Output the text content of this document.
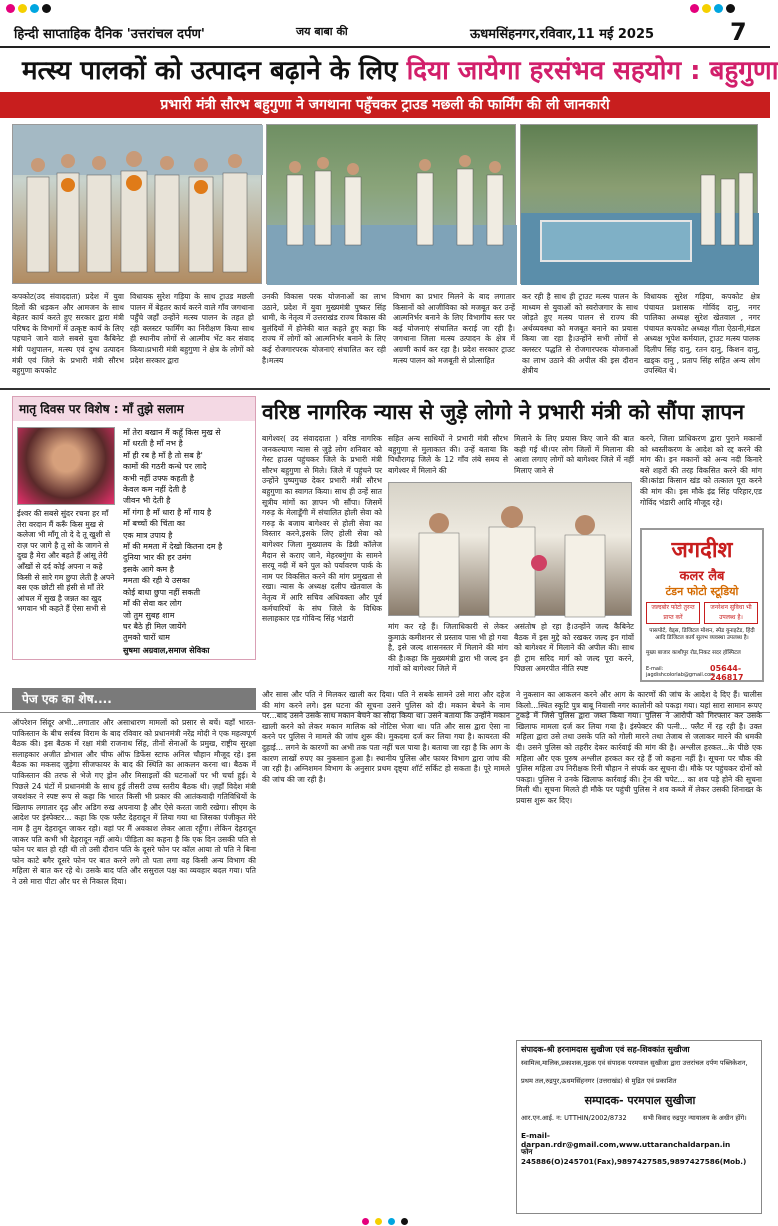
हिन्दी साप्ताहिक दैनिक 'उत्तरांचल दर्पण'	जय बाबा की	ऊधमसिंहनगर,रविवार,11 मई 2025	7
मत्स्य पालकों को उत्पादन बढ़ाने के लिए दिया जायेगा हरसंभव सहयोग : बहुगुणा
प्रभारी मंत्री सौरभ बहुगुणा ने जगथाना पहुँचकर ट्राउड मछली की फार्मिंग की ली जानकारी
कपकोट(उद संवाददाता) प्रदेश में युवा दिलों की धड़कन और आमजन के साथ बेहतर कार्य करते हुए सरकार द्वारा मंत्री परिषद के विभागों में उत्कृष्ट कार्य के लिए पहचाने जाने वाले सबसे युवा कैबिनेट मंत्री पशुपालन, मत्स्य एवं दुग्ध उत्पादन मंत्री एवं जिले के प्रभारी मंत्री सौरभ बहुगुणा कपकोट
विधायक सुरेश गड़िया के साथ ट्राउड मछली पालन में बेहतर कार्य करने वाले गाँव जगथाना पहुँचे जहाँ उन्होंने मत्स्य पालन के तहत हो रही क्लस्टर फार्मिंग का निरीक्षण किया साथ ही स्थानीय लोगों से आत्मीय भेंट कर संवाद किया।प्रभारी मंत्री बहुगुणा ने क्षेत्र के लोगों को प्रदेश सरकार द्वारा
उनकी विकास परक योजनाओं का लाभ उठाने, प्रदेश में युवा मुख्यमंत्री पुष्कर सिंह धामी, के नेतृत्व में उत्तराखंड राज्य विकास की बुलंदियों में होनेकी बात कहते हुए कहा कि राज्य में लोगों को आत्मनिर्भर बनाने के लिए कई रोजगारपरक योजनाएं संचालित कर रही है।मत्स्य
विभाग का प्रभार मिलने के बाद लगातार किसानों को आजीविका को मजबूत कर उन्हें आत्मनिर्भर बनाने के लिए विभागीय स्तर पर कई योजनाएं संचालित कराई जा रही है।जगथाना जिला मत्स्य उत्पादन के क्षेत्र में अग्रणी कार्य कर रहा है। प्रदेश सरकार ट्राउट मत्स्य पालन को मजबूती से प्रोत्साहित
कर रही है साथ ही ट्राउट मत्स्य पालन के माध्यम से युवाओं को स्वरोजगार के साथ जोड़ते हुए मत्स्य पालन से राज्य की अर्थव्यवस्था को मजबूत बनाने का प्रयास किया जा रहा है।उन्होंने सभी लोगों से क्लस्टर पद्धति से रोजगारपरक योजनाओं का लाभ उठाने की अपील की इस दौरान क्षेत्रीय
विधायक सुरेश गड़िया, कपकोट क्षेत्र पंचायत प्रशासक गोविंद दानु, नगर पालिका अध्यक्ष सुरेश खेतवाल , नगर पंचायत कपकोट अध्यक्ष गीता ऐठानी,मंडल अध्यक्ष भूपेश कर्मयाल, ट्राउट मत्स्य पालक दिलीप सिंह दानु, रतन दानु, किशन दानु, खड्क दानु , प्रताप सिंह सहित अन्य लोग उपस्थित थे।
मातृ दिवस पर विशेष : माँ तुझे सलाम
ईश्वर की सबसे सुंदर रचना हर माँ तेरा वरदान मैं करूँ किस मुख से कलेजा भी माँगू तो दे दे तू खुशी से राज़ पर जागे है तू सो के जागने से दुख है मेरा और बहते हैं आंसू तेरी आँखों से दर्द कोई अपना न कहे किसी से सारे गम छुपा लेती है अपने बस एक छोटी सी हंसी से माँ तेरे आंचल में सुख है जन्नत का खुद भगवान भी कहते हैं ऐसा सभी से
माँ तेरा बखान मैं कहूँ किस मुख से
माँ धरती है माँ नभ है
माँ ही रब है माँ है तो सब है'
कामों की गठरी कन्धे पर लादे
कभी नहीं उफ्फ कहती है
केवल कम नहीं देती है
जीवन भी देती है
माँ गंगा है माँ धारा है माँ गाय है
माँ बच्चों की चिंता का
एक मात्र उपाय है
माँ की ममता में देखो कितना दम है
दुनिया भार की हर उमंग
इसके आगे कम है
ममता की रही ये उसका
कोई बाधा छुपा नहीं सकती
माँ की सेवा कर लोग
जो तुम सुबह शाम
घर बैठे ही मिल जायेंगे
तुमको चारों धाम
सुषमा अग्रवाल,समाज सेविका
वरिष्ठ नागरिक न्यास से जुड़े लोगो ने प्रभारी मंत्री को सौंपा ज्ञापन
बागेश्वर( उद संवाददाता ) वरिष्ठ नागरिक जनकल्याण न्यास से जुड़े लोग शनिवार को गेस्ट हाउस पहुंचकर जिले के प्रभारी मंत्री सौरभ बहुगुणा से मिले। जिले में पहुंचने पर उन्होंने पुष्पगुच्छ देकर प्रभारी मंत्री सौरभ बहुगुणा का स्वागत किया। साथ ही उन्हें सात सूत्रीय मांगों का ज्ञापन भी सौंपा। जिसमें गरुड़ के मेलाडूँगी में संचालित होली सेवा को गरुड़ के बजाय बागेश्वर से होली सेवा का विस्तार करने,इसके लिए होली सेवा को बागेश्वर जिला मुख्यालय के डिग्री कॉलेज मैदान से कराए जाने, मेहरबगुंगा के सामने सरयू नदी में बने पुल को पर्यावरण पार्क के नाम पर विकसित करने की मांग प्रमुखता से रखा। न्यास के अध्यक्ष दलीप खेतवाल के नेतृत्व में आरि सचिव अधिवक्ता और पूर्व कर्मचारियों के संघ जिले के विधिक सलाहकार एड गोविन्द सिंह भंडारी
सहित अन्य साथियों ने प्रभारी मंत्री सौरभ बहुगुणा से मुलाकात की। उन्हें बताया कि पिथौरागढ़ जिले के 12 गाँव लंबे समय से बागेश्वर में मिलाने की
मिलाने के लिए प्रयास किए जाने की बात कही गई थी।पर लोग जिलों में मिलाना की आशा लगाए लोगों को बागेश्वर जिले में नहीं मिलाए जाने से
करने, जिला प्राधिकरण द्वारा पुराने मकानों को ध्वस्तीकरण के आदेश को रद्द करने की मांग की। इन मकानों को अन्य नदी किनारे बसे शहरों की तरह विकसित करने की मांग की।कांडा किसान खंड को तत्काल पूरा करने की मांग की। इस मौके इंद्र सिंह परिहार,एड गोविंद भंडारी आदि मौजूद रहे।
मांग कर रहे हैं। जिलाधिकारी से लेकर कुमाऊं कमीशनर से प्रस्ताव पास भी हो गया है, इसे जल्द शासनस्तर में मिलाने की मांग की है।कहा कि मुख्यमंत्री द्वारा भी जल्द इन गांवों को बागेश्वर जिले में
असंतोष हो रहा है।उन्होंने जल्द कैबिनेट बैठक में इस मुद्दे को रखकर जल्द इन गांवों को बागेश्वर में मिलाने की अपील की। साथ ही ट्राम सरिद मार्ग को जल्द पूरा करने, पिछला अमरपीत नीति स्पष्ट
जगदीश
कलर लैब
टंडन फोटो स्टूडियो
जल्दबोर फोटो तुरन्त प्राप्त करें
जनरेशन सुविधा भी उपलब्ध है।
पासपोर्ट, वेड्स, डिजिटल मोशन, स्पेड युनाइटेड, हिंदी आदि डिजिटल कार्य सुलभ व्यवस्था उपलब्ध है।
मुख्य बाजार काशीपुर रोड,निकट सदर हॉस्पिटल
E-mail: jagdishcolorlab@gmail.com
05644-246817
पेज एक का शेष....
ऑपरेशन सिंदूर अभी...लगातार और असाधारण मामलों को प्रसार से बचें। यहाँ भारत-पाकिस्तान के बीच सर्वस्व विराम के बाद रविवार को प्रधानमंत्री नरेंद्र मोदी ने एक महत्वपूर्ण बैठक की। इस बैठक में रक्षा मंत्री राजनाथ सिंह, तीनों सेनाओं के प्रमुख, राष्ट्रीय सुरक्षा सलाहकार अजीत डोभाल और चीफ ऑफ डिफेंस स्टाफ अनिल चौहान मौजूद रहे। इस बैठक का मकसद जुड़ेगा सीजफायर के बाद की स्थिति का आकलन करना था। बैठक में पाकिस्तान की तरफ से भेजे गए ड्रोन और मिसाइलों की घटनाओं पर भी चर्चा हुई। ये पिछले 24 घंटों में प्रधानमंत्री के साथ हुई तीसरी उच्च स्तरीय बैठक थी। ज़हाँ विदेश मंत्री जयशंकर ने स्पष्ट रूप से कहा कि भारत किसी भी प्रकार की आतंकवादी गतिविधियों के खिलाफ लगातार दृढ़ और अडिग रुख अपनाया है और ऐसे करता जारी रखेगा। सीएम के आदेश पर इंस्पेक्टर... कहा कि एक फ्लैट देहरादून में लिया गया था जिसका पंजीकृत मेरे नाम है तुम देहरादून जाकर रहो। वहां पर मैं अवकाश लेकर आता रहूँगा। लेकिन देहरादून जाकर पति कभी भी देहरादून नहीं आये। पीड़िता का कहना है कि एक दिन उसकी पति से फोन पर बात हो रही थी तो उसी दौरान पति के दूसरे फोन पर कॉल आया तो पति ने बिना फोन काटे बगैर दूसरे फोन पर बात करने लगे तो पता लगा वह किसी अन्य विभाग की महिला से बात कर रहे थे। उसके बाद पति और ससुराल पक्ष का व्यवहार बदल गया। पति ने उसे मारा पीटा और घर से निकाल दिया।
और सास और पति ने मिलकर खाली कर दिया। पति ने सबके सामने उसे मारा और दहेज की मांग करने लगे। इस घटना की सूचना उसने पुलिस को दी। मकान बेचने के नाम पर...बाद उसने उसके साथ मकान बेचने का सौदा किया था। उसने बताया कि उन्होंने मकान खाली करने को लेकर मकान मालिक को नोटिस भेजा था। पति और सास द्वारा ऐसा ना करने पर पुलिस ने मामले की जांच शुरू की। मुकदमा दर्ज कर लिया गया है। कायरता की दुहाई... लगने के कारणों का अभी तक पता नहीं चल पाया है। बताया जा रहा है कि आग के कारण लाखों रुपए का नुकसान हुआ है। स्थानीय पुलिस और फायर विभाग द्वारा जांच की जा रही है। अग्निशमन विभाग के अनुसार प्रथम दृष्ट्या शॉर्ट सर्किट हो सकता है। पूरे मामले की जांच की जा रही है।
ने नुकसान का आकलन करने और आग के कारणों की जांच के आदेश दे दिए हैं। चालीस किलो...स्थित स्कूटि पुत्र बाबू निवासी नगर कालोनी को पकड़ा गया। यहां सारा सामान रूपए टुकड़े में जिसे पुलिस द्वारा जब्त किया गया। पुलिस ने आरोपी को गिरफ्तार कर उसके खिलाफ मामला दर्ज कर लिया गया है। इंस्पेक्टर की पत्नी... फ्लैट में रह रही है। उक्त महिला द्वारा उसे तथा उसके पति को गोली मारने तथा तेजाब से जलाकर मारने की धमकी दी। उसने पुलिस को तहरीर देकर कार्रवाई की मांग की है। अश्लील हरकत...के पीछे एक महिला और एक पुरुष अश्लील हरकत कर रहे हैं जो कहना नहीं है। सूचना पर चौक की पुलिस महिला उप निरीक्षक रिनी चौहान ने संपर्क कर सूचना दी। मौके पर पहुंचकर दोनों को पकड़ा। पुलिस ने उनके खिलाफ कार्रवाई की। ट्रेन की चपेट... का शव पड़े होने की सूचना मिली थी। सूचना मिलते ही मौके पर पहुंची पुलिस ने शव कब्जे में लेकर उसकी शिनाख्त के प्रयास शुरू कर दिए।
संपादक-श्री हरनामदास सुखीजा एवं सह-शिवकांत सुखीजा
स्वामित्व,मालिक,प्रकाशक,मुद्रक एवं संपादक परमपाल सुखीजा द्वारा उत्तरांचल दर्पण पब्लिकेशन,
प्रथम तल,रुद्रपुर,ऊधमसिंहनगर (उत्तराखंड) से मुद्रित एवं प्रकाशित
सम्पादक- परमपाल सुखीजा
आर.एन.आई. न: UTTHIN/2002/8732	सभी विवाद रुद्रपुर न्यायालय के अधीन होंगे।
E-mail-darpan.rdr@gmail.com,www.uttaranchaldarpan.in
फोन 245886(O)245701(Fax),9897427585,9897427586(Mob.)
